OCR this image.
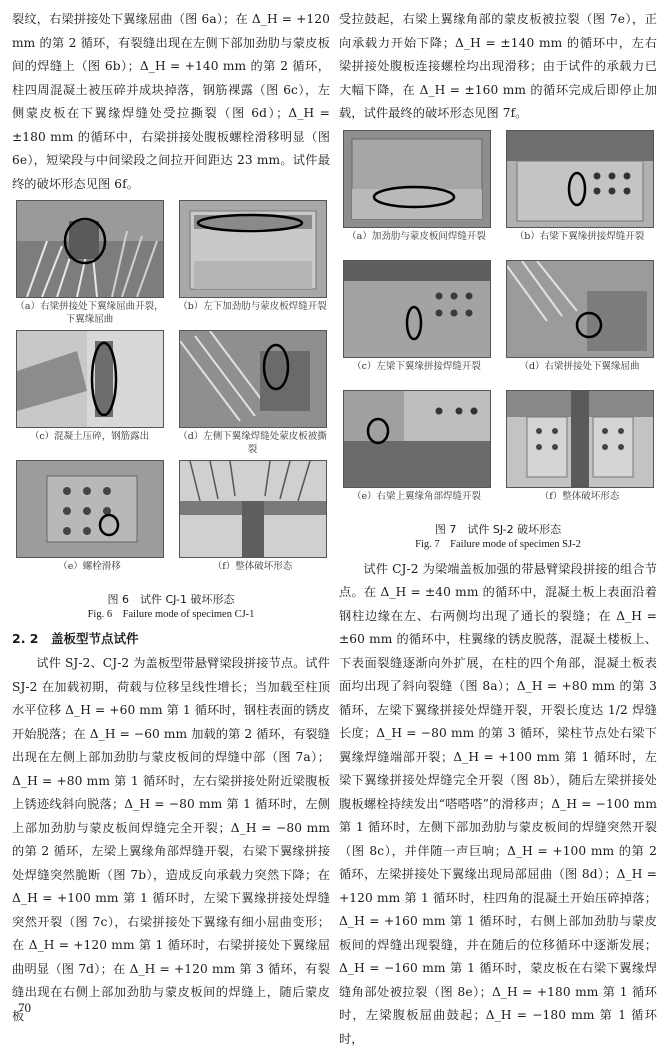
裂纹，右梁拼接处下翼缘屈曲（图 6a）；在 Δ_H = +120 mm 的第 2 循环，有裂缝出现在左侧下部加劲肋与蒙皮板间的焊缝上（图 6b）；Δ_H = +140 mm 的第 2 循环，柱四周混凝土被压碎并成块掉落，钢筋裸露（图 6c），左侧蒙皮板在下翼缘焊缝处受拉撕裂（图 6d）；Δ_H = ±180 mm 的循环中，右梁拼接处腹板螺栓滑移明显（图 6e），短梁段与中间梁段之间拉开间距达 23 mm。试件最终的破坏形态见图 6f。

（a）右梁拼接处下翼缘屈曲开裂，下翼缘屈曲
（b）左下加劲肋与蒙皮板焊缝开裂
（c）混凝土压碎，钢筋露出	（d）左侧下翼缘焊缝处蒙皮板被撕裂
（e）螺栓滑移	（f）整体破坏形态
图 6　试件 CJ-1 破坏形态
Fig. 6　Failure mode of specimen CJ-1
2. 2　盖板型节点试件

试件 SJ-2、CJ-2 为盖板型带悬臂梁段拼接节点。试件 SJ-2 在加载初期，荷载与位移呈线性增长；当加载至柱顶水平位移 Δ_H = +60 mm 第 1 循环时，钢柱表面的锈皮开始脱落；在 Δ_H = −60 mm 加载的第 2 循环，有裂缝出现在左侧上部加劲肋与蒙皮板间的焊缝中部（图 7a）；Δ_H = +80 mm 第 1 循环时，左右梁拼接处附近梁腹板上锈迹线斜向脱落；Δ_H = −80 mm 第 1 循环时，左侧上部加劲肋与蒙皮板间焊缝完全开裂；Δ_H = −80 mm 的第 2 循环，左梁上翼缘角部焊缝开裂，右梁下翼缘拼接处焊缝突然脆断（图 7b），造成反向承载力突然下降；在 Δ_H = +100 mm 第 1 循环时，左梁下翼缘拼接处焊缝突然开裂（图 7c），右梁拼接处下翼缘有细小屈曲变形；在 Δ_H = +120 mm 第 1 循环时，右梁拼接处下翼缘屈曲明显（图 7d）；在 Δ_H = +120 mm 第 3 循环，有裂缝出现在右侧上部加劲肋与蒙皮板间的焊缝上，随后蒙皮板

受拉鼓起，右梁上翼缘角部的蒙皮板被拉裂（图 7e），正向承载力开始下降；Δ_H = ±140 mm 的循环中，左右梁拼接处腹板连接螺栓均出现滑移；由于试件的承载力已大幅下降，在 Δ_H = ±160 mm 的循环完成后即停止加载，试件最终的破坏形态见图 7f。

（a）加劲肋与蒙皮板间焊缝开裂	（b）右梁下翼缘拼接焊缝开裂
（c）左梁下翼缘拼接焊缝开裂	（d）右梁拼接处下翼缘屈曲
（e）右梁上翼缘角部焊缝开裂	（f）整体破坏形态
图 7　试件 SJ-2 破坏形态
Fig. 7　Failure mode of specimen SJ-2

试件 CJ-2 为梁端盖板加强的带悬臂梁段拼接的组合节点。在 Δ_H = ±40 mm 的循环中，混凝土板上表面沿着钢柱边缘在左、右两侧均出现了通长的裂缝；在 Δ_H = ±60 mm 的循环中，柱翼缘的锈皮脱落，混凝土楼板上、下表面裂缝逐渐向外扩展，在柱的四个角部，混凝土板表面均出现了斜向裂缝（图 8a）；Δ_H = +80 mm 的第 3 循环，左梁下翼缘拼接处焊缝开裂，开裂长度达 1/2 焊缝长度；Δ_H = −80 mm 的第 3 循环，梁柱节点处右梁下翼缘焊缝端部开裂；Δ_H = +100 mm 第 1 循环时，左梁下翼缘拼接处焊缝完全开裂（图 8b），随后左梁拼接处腹板螺栓持续发出“嗒嗒嗒”的滑移声；Δ_H = −100 mm 第 1 循环时，左侧下部加劲肋与蒙皮板间的焊缝突然开裂（图 8c），并伴随一声巨响；Δ_H = +100 mm 的第 2 循环，左梁拼接处下翼缘出现局部屈曲（图 8d）；Δ_H = +120 mm 第 1 循环时，柱四角的混凝土开始压碎掉落；Δ_H = +160 mm 第 1 循环时，右侧上部加劲肋与蒙皮板间的焊缝出现裂缝，并在随后的位移循环中逐渐发展；Δ_H = −160 mm 第 1 循环时，蒙皮板在右梁下翼缘焊缝角部处被拉裂（图 8e）；Δ_H = +180 mm 第 1 循环时，左梁腹板屈曲鼓起；Δ_H = −180 mm 第 1 循环时，

70
